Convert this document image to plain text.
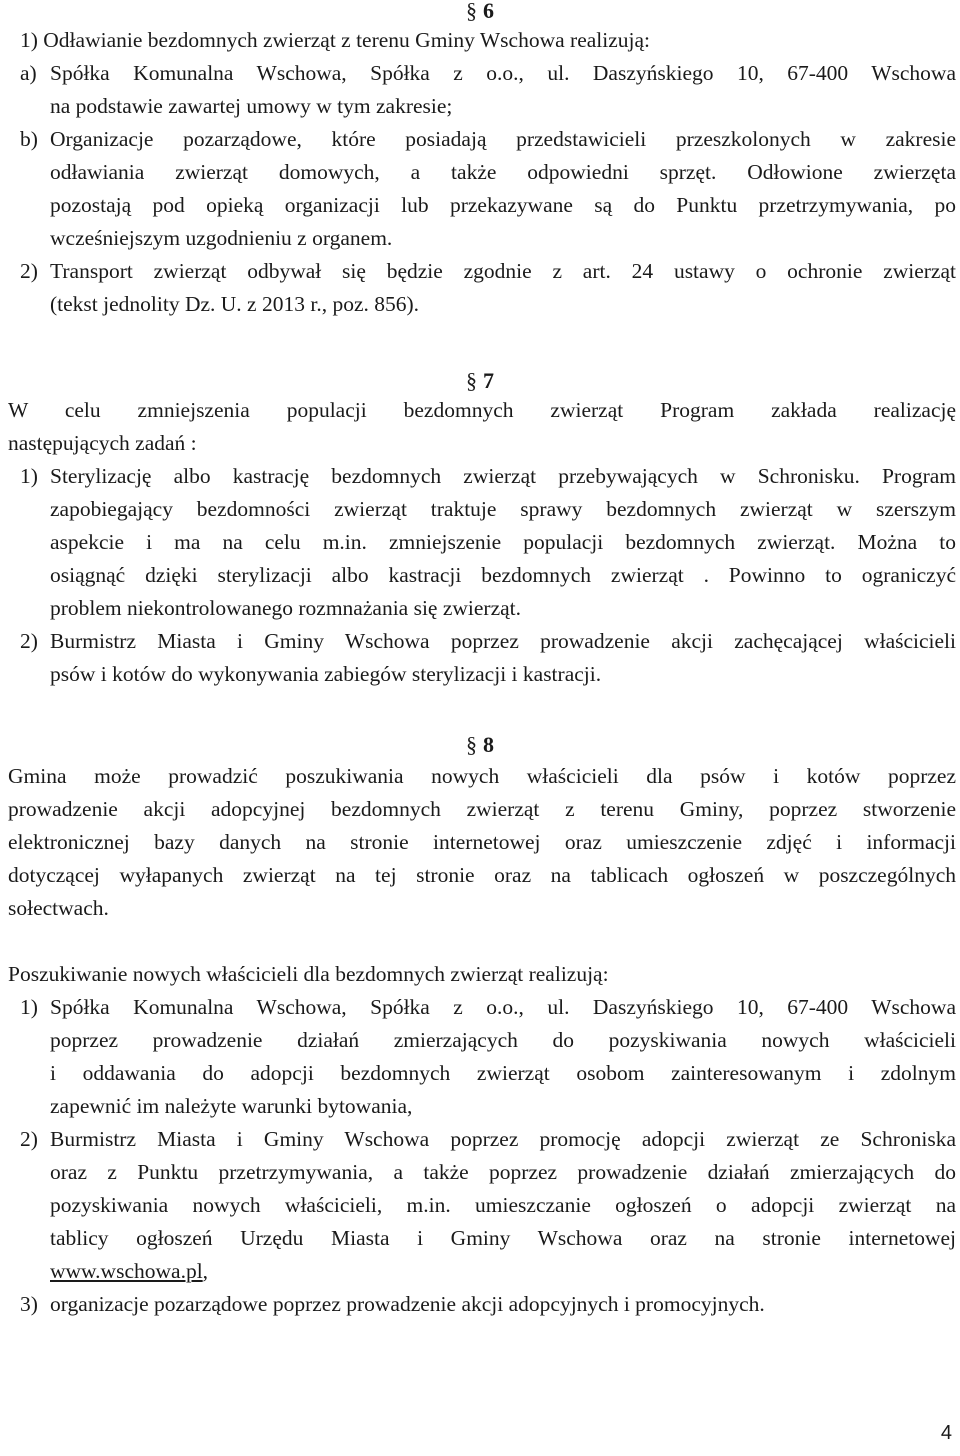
§ 6
1) Odławianie bezdomnych zwierząt z terenu Gminy Wschowa realizują:
a) Spółka Komunalna Wschowa, Spółka z o.o., ul. Daszyńskiego 10, 67-400 Wschowa
na podstawie zawartej umowy w tym zakresie;
b) Organizacje pozarządowe, które posiadają przedstawicieli przeszkolonych w zakresie
odławiania zwierząt domowych, a także odpowiedni sprzęt. Odłowione zwierzęta
pozostają pod opieką organizacji lub przekazywane są do Punktu przetrzymywania, po
wcześniejszym uzgodnieniu z organem.
2) Transport zwierząt odbywał się będzie zgodnie z art. 24 ustawy o ochronie zwierząt
(tekst jednolity Dz. U. z 2013 r., poz. 856).
§ 7
W celu zmniejszenia populacji bezdomnych zwierząt Program zakłada realizację
następujących zadań :
1) Sterylizację albo kastrację bezdomnych zwierząt przebywających w Schronisku. Program
zapobiegający bezdomności zwierząt traktuje sprawy bezdomnych zwierząt w szerszym
aspekcie i ma na celu m.in. zmniejszenie populacji bezdomnych zwierząt. Można to
osiągnąć dzięki sterylizacji albo kastracji bezdomnych zwierząt . Powinno to ograniczyć
problem niekontrolowanego rozmnażania się zwierząt.
2) Burmistrz Miasta i Gminy Wschowa poprzez prowadzenie akcji zachęcającej właścicieli
psów i kotów do wykonywania zabiegów sterylizacji i kastracji.
§ 8
Gmina może prowadzić poszukiwania nowych właścicieli dla psów i kotów poprzez
prowadzenie akcji adopcyjnej bezdomnych zwierząt z terenu Gminy, poprzez stworzenie
elektronicznej bazy danych na stronie internetowej oraz umieszczenie zdjęć i informacji
dotyczącej wyłapanych zwierząt na tej stronie oraz na tablicach ogłoszeń w poszczególnych
sołectwach.
Poszukiwanie nowych właścicieli dla bezdomnych zwierząt realizują:
1) Spółka Komunalna Wschowa, Spółka z o.o., ul. Daszyńskiego 10, 67-400 Wschowa
poprzez prowadzenie działań zmierzających do pozyskiwania nowych właścicieli
i oddawania do adopcji bezdomnych zwierząt osobom zainteresowanym i zdolnym
zapewnić im należyte warunki bytowania,
2) Burmistrz Miasta i Gminy Wschowa poprzez promocję adopcji zwierząt ze Schroniska
oraz z Punktu przetrzymywania, a także poprzez prowadzenie działań zmierzających do
pozyskiwania nowych właścicieli, m.in. umieszczanie ogłoszeń o adopcji zwierząt na
tablicy ogłoszeń Urzędu Miasta i Gminy Wschowa oraz na stronie internetowej
www.wschowa.pl,
3) organizacje pozarządowe poprzez prowadzenie akcji adopcyjnych i promocyjnych.
4
